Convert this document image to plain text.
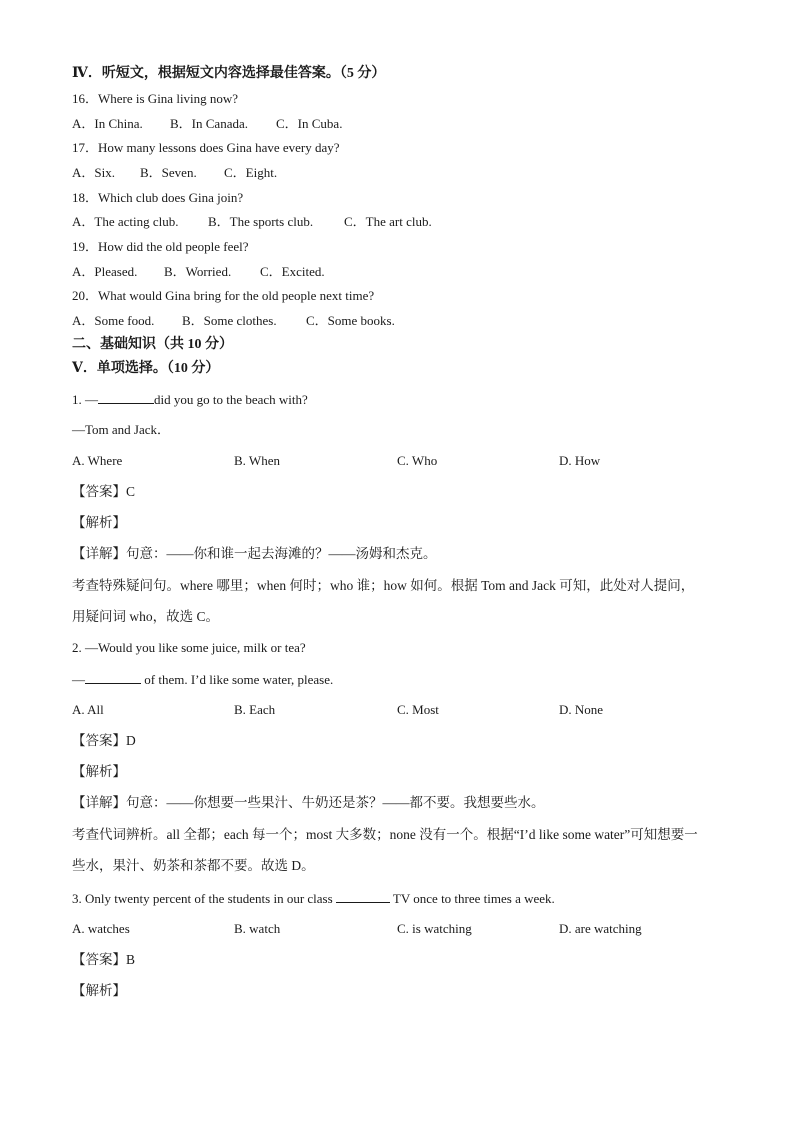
Ⅳ．听短文，根据短文内容选择最佳答案。（5 分）
16．Where is Gina living now?
A．In China. B．In Canada. C．In Cuba.
17．How many lessons does Gina have every day?
A．Six. B．Seven. C．Eight.
18．Which club does Gina join?
A．The acting club. B．The sports club. C．The art club.
19．How did the old people feel?
A．Pleased. B．Worried. C．Excited.
20．What would Gina bring for the old people next time?
A．Some food. B．Some clothes. C．Some books.
二、基础知识（共 10 分）
Ⅴ．单项选择。（10 分）
1. —	did you go to the beach with?
—Tom and Jack．
A. Where	B. When	C. Who	D. How
【答案】C
【解析】
【详解】句意：——你和谁一起去海滩的？——汤姆和杰克。
考查特殊疑问句。where 哪里；when 何时；who 谁；how 如何。根据 Tom and Jack 可知，此处对人提问，
用疑问词 who，故选 C。
2. —Would you like some juice, milk or tea?
—	of them. I’d like some water, please.
A. All	B. Each	C. Most	D. None
【答案】D
【解析】
【详解】句意：——你想要一些果汁、牛奶还是茶？——都不要。我想要些水。
考查代词辨析。all 全都；each 每一个；most 大多数；none 没有一个。根据“I’d like some water”可知想要一
些水，果汁、奶茶和茶都不要。故选 D。
3. Only twenty percent of the students in our class	TV once to three times a week.
A. watches	B. watch	C. is watching	D. are watching
【答案】B
【解析】
